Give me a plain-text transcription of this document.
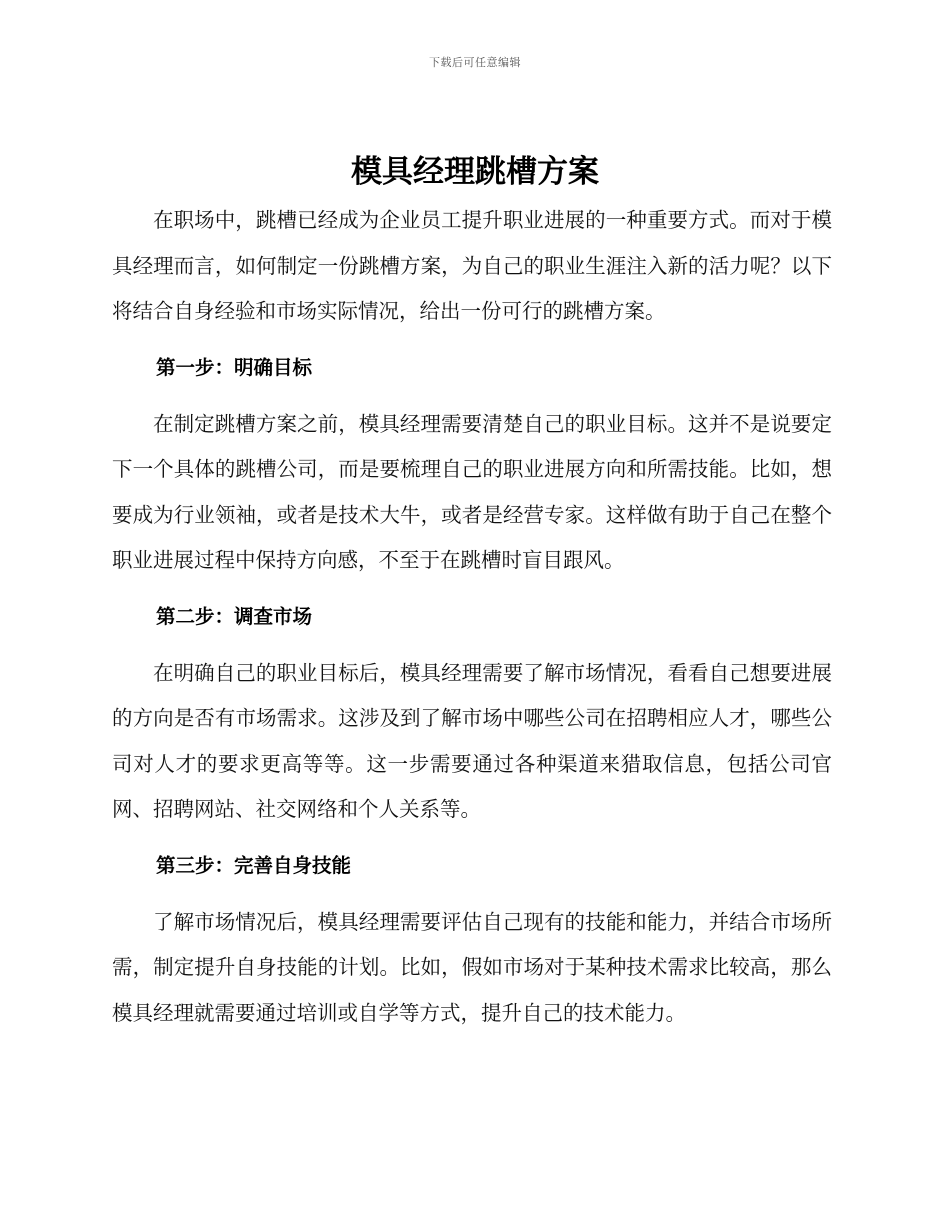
下载后可任意编辑
模具经理跳槽方案

在职场中，跳槽已经成为企业员工提升职业进展的一种重要方式。而对于模具经理而言，如何制定一份跳槽方案，为自己的职业生涯注入新的活力呢？以下将结合自身经验和市场实际情况，给出一份可行的跳槽方案。

第一步：明确目标

在制定跳槽方案之前，模具经理需要清楚自己的职业目标。这并不是说要定下一个具体的跳槽公司，而是要梳理自己的职业进展方向和所需技能。比如，想要成为行业领袖，或者是技术大牛，或者是经营专家。这样做有助于自己在整个职业进展过程中保持方向感，不至于在跳槽时盲目跟风。

第二步：调查市场

在明确自己的职业目标后，模具经理需要了解市场情况，看看自己想要进展的方向是否有市场需求。这涉及到了解市场中哪些公司在招聘相应人才，哪些公司对人才的要求更高等等。这一步需要通过各种渠道来猎取信息，包括公司官网、招聘网站、社交网络和个人关系等。

第三步：完善自身技能

了解市场情况后，模具经理需要评估自己现有的技能和能力，并结合市场所需，制定提升自身技能的计划。比如，假如市场对于某种技术需求比较高，那么模具经理就需要通过培训或自学等方式，提升自己的技术能力。
